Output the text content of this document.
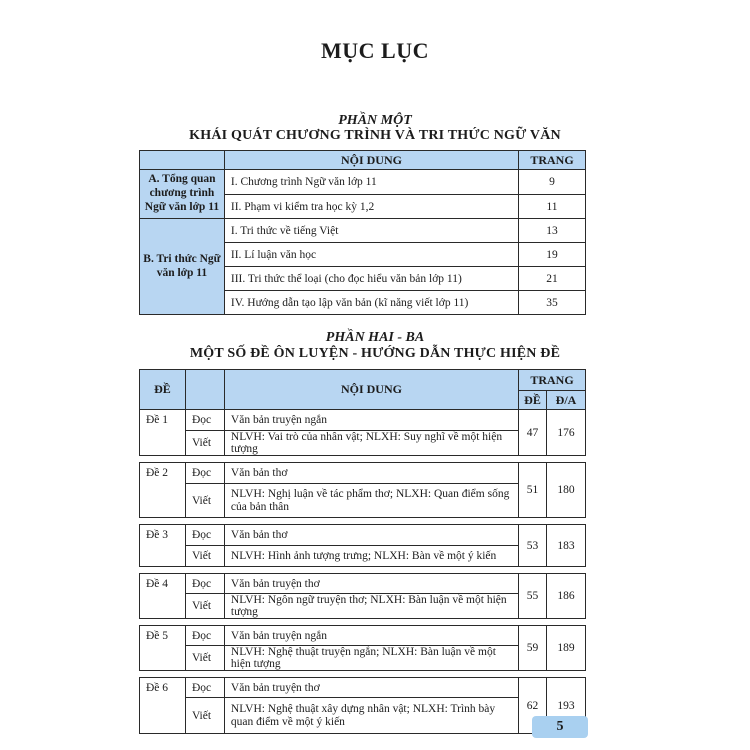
MỤC LỤC
PHẦN MỘT
KHÁI QUÁT CHƯƠNG TRÌNH VÀ TRI THỨC NGỮ VĂN
	NỘI DUNG	TRANG
A. Tổng quan chương trình Ngữ văn lớp 11	I. Chương trình Ngữ văn lớp 11	9
	II. Phạm vi kiểm tra học kỳ 1,2	11
B. Tri thức Ngữ văn lớp 11	I. Tri thức về tiếng Việt	13
	II. Lí luận văn học	19
	III. Tri thức thể loại (cho đọc hiểu văn bản lớp 11)	21
	IV. Hướng dẫn tạo lập văn bản (kĩ năng viết lớp 11)	35
PHẦN HAI - BA
MỘT SỐ ĐỀ ÔN LUYỆN - HƯỚNG DẪN THỰC HIỆN ĐỀ
ĐỀ		NỘI DUNG	TRANG	
			ĐỀ	Đ/A
Đề 1	Đọc	Văn bản truyện ngắn	47	176
	Viết	NLVH: Vai trò của nhân vật; NLXH: Suy nghĩ về một hiện tượng		

Đề 2	Đọc	Văn bản thơ	51	180
	Viết	NLVH: Nghị luận về tác phẩm thơ; NLXH: Quan điểm sống của bản thân		

Đề 3	Đọc	Văn bản thơ	53	183
	Viết	NLVH: Hình ảnh tượng trưng; NLXH: Bàn về một ý kiến		

Đề 4	Đọc	Văn bản truyện thơ	55	186
	Viết	NLVH: Ngôn ngữ truyện thơ; NLXH: Bàn luận về một hiện tượng		

Đề 5	Đọc	Văn bản truyện ngắn	59	189
	Viết	NLVH: Nghệ thuật truyện ngắn; NLXH: Bàn luận về một hiện tượng		

Đề 6	Đọc	Văn bản truyện thơ	62	193
	Viết	NLVH: Nghệ thuật xây dựng nhân vật; NLXH: Trình bày quan điểm về một ý kiến			5
